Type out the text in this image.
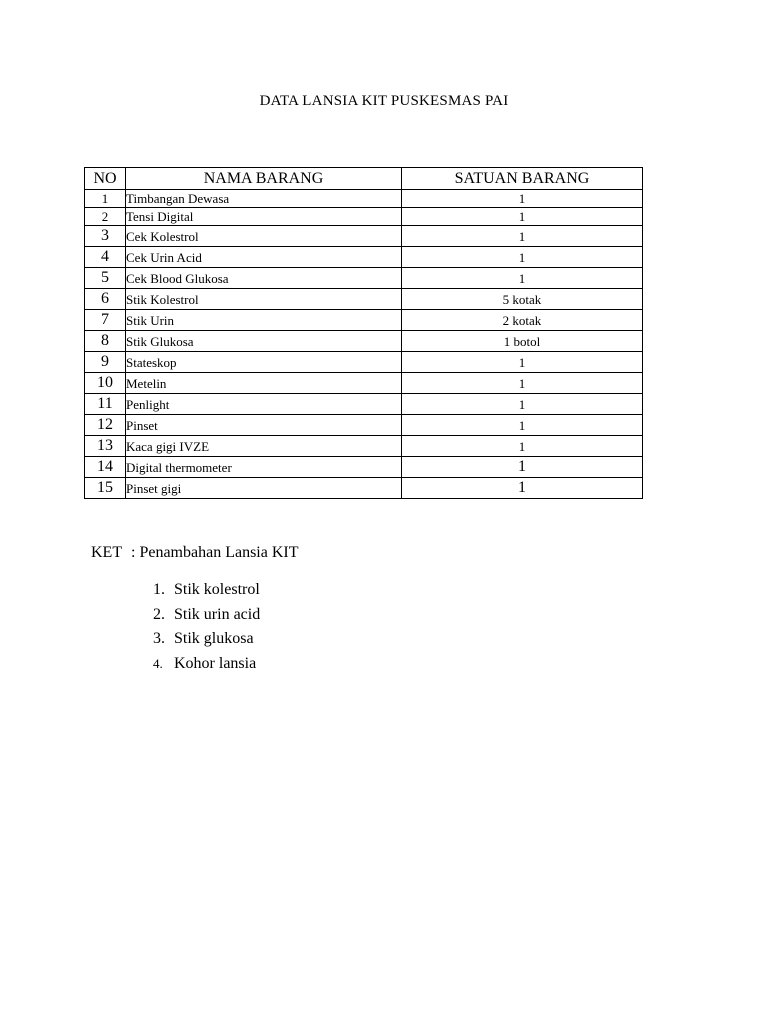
DATA LANSIA KIT PUSKESMAS PAI
NO	NAMA BARANG	SATUAN BARANG
1	Timbangan Dewasa	1
2	Tensi Digital	1
3	Cek Kolestrol	1
4	Cek Urin Acid	1
5	Cek Blood Glukosa	1
6	Stik Kolestrol	5 kotak
7	Stik Urin	2 kotak
8	Stik Glukosa	1 botol
9	Stateskop	1
10	Metelin	1
11	Penlight	1
12	Pinset	1
13	Kaca gigi IVZE	1
14	Digital thermometer	1
15	Pinset gigi	1
KET : Penambahan Lansia KIT
1. Stik kolestrol
2. Stik urin acid
3. Stik glukosa
4. Kohor lansia
